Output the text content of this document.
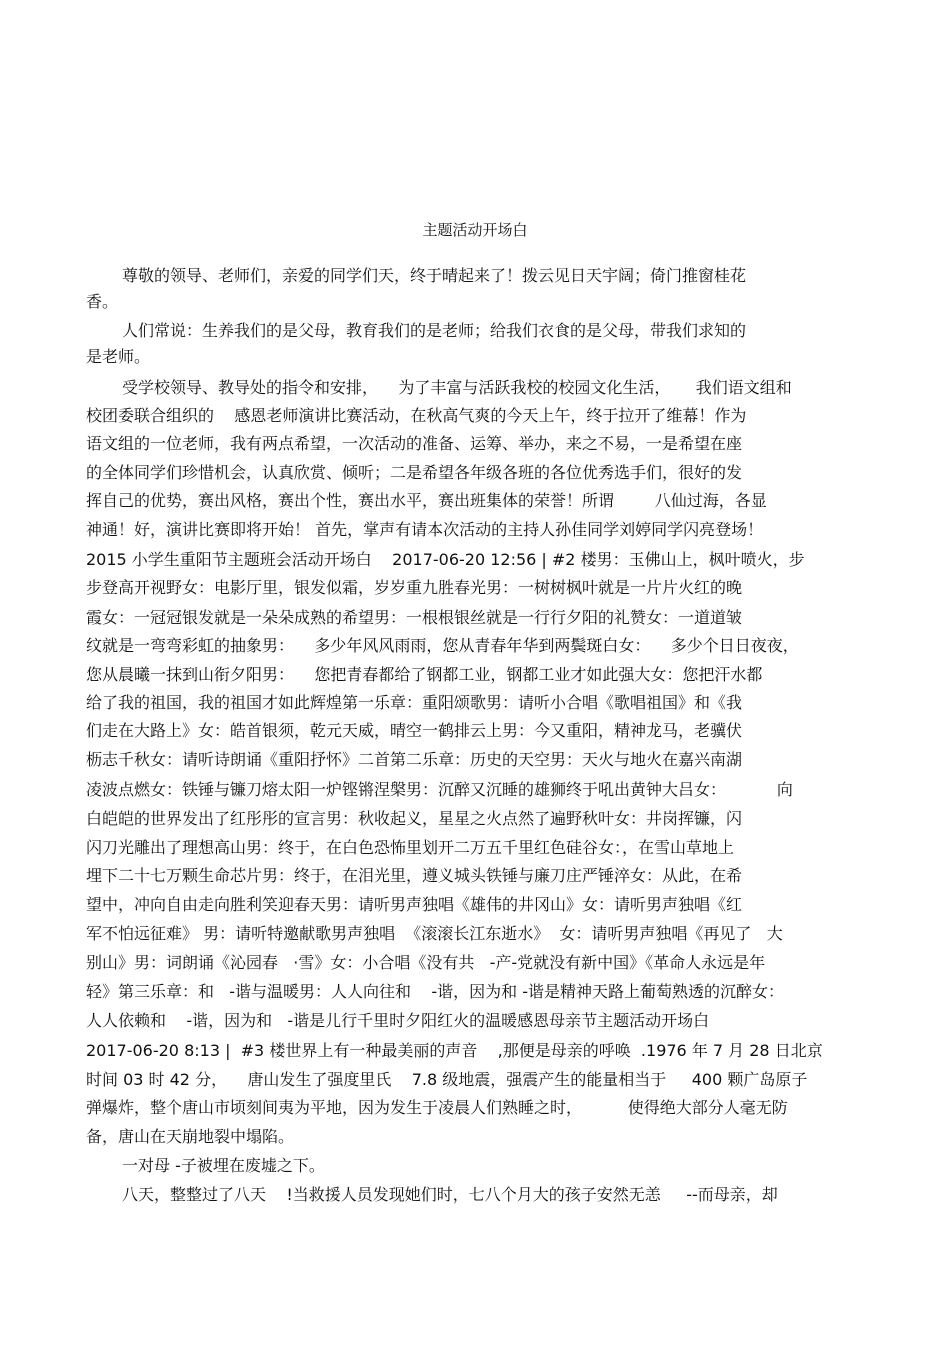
主题活动开场白
尊敬的领导、老师们，亲爱的同学们天，终于晴起来了！拨云见日天宇阔；倚门推窗桂花
香。
人们常说：生养我们的是父母，教育我们的是老师；给我们衣食的是父母，带我们求知的
是老师。
受学校领导、教导处的指令和安排，    为了丰富与活跃我校的校园文化生活，     我们语文组和
校团委联合组织的    感恩老师演讲比赛活动，在秋高气爽的今天上午，终于拉开了维幕！作为
语文组的一位老师，我有两点希望，一次活动的准备、运筹、举办，来之不易，一是希望在座
的全体同学们珍惜机会，认真欣赏、倾听；二是希望各年级各班的各位优秀选手们，很好的发
挥自己的优势，赛出风格，赛出个性，赛出水平，赛出班集体的荣誉！所谓        八仙过海，各显
神通！好，演讲比赛即将开始！ 首先，掌声有请本次活动的主持人孙佳同学刘婷同学闪亮登场！
2015 小学生重阳节主题班会活动开场白    2017-06-20 12:56 | #2 楼男：玉佛山上，枫叶喷火，步
步登高开视野女：电影厅里，银发似霜，岁岁重九胜春光男：一树树枫叶就是一片片火红的晚
霞女：一冠冠银发就是一朵朵成熟的希望男：一根根银丝就是一行行夕阳的礼赞女：一道道皱
纹就是一弯弯彩虹的抽象男：    多少年风风雨雨，您从青春年华到两鬓斑白女：    多少个日日夜夜，
您从晨曦一抹到山衔夕阳男：    您把青春都给了钢都工业，钢都工业才如此强大女：您把汗水都
给了我的祖国，我的祖国才如此辉煌第一乐章：重阳颂歌男：请听小合唱《歌唱祖国》和《我
们走在大路上》女：皓首银须，乾元天威，晴空一鹤排云上男：今又重阳，精神龙马，老骥伏
枥志千秋女：请听诗朗诵《重阳抒怀》二首第二乐章：历史的天空男：天火与地火在嘉兴南湖
凌波点燃女：铁锤与镰刀熔太阳一炉铿锵涅槃男：沉醉又沉睡的雄狮终于吼出黄钟大吕女：          向
白皑皑的世界发出了红彤彤的宣言男：秋收起义，星星之火点然了遍野秋叶女：井岗挥镰，闪
闪刀光雕出了理想高山男：终于，在白色恐怖里划开二万五千里红色硅谷女：，在雪山草地上
埋下二十七万颗生命芯片男：终于，在泪光里，遵义城头铁锤与廉刀庄严锤淬女：从此，在希
望中，冲向自由走向胜利笑迎春天男：请听男声独唱《雄伟的井冈山》女：请听男声独唱《红
军不怕远征难》 男：请听特邀献歌男声独唱  《滚滚长江东逝水》  女：请听男声独唱《再见了   大
别山》男：词朗诵《沁园春   ·雪》女：小合唱《没有共   -产-党就没有新中国》《革命人永远是年
轻》第三乐章：和   -谐与温暖男：人人向往和    -谐，因为和 -谐是精神天路上葡萄熟透的沉醉女：
人人依赖和    -谐，因为和   -谐是儿行千里时夕阳红火的温暖感恩母亲节主题活动开场白
2017-06-20 8:13 |  #3 楼世界上有一种最美丽的声音    ,那便是母亲的呼唤  .1976 年 7 月 28 日北京
时间 03 时 42 分，    唐山发生了强度里氏    7.8 级地震，强震产生的能量相当于     400 颗广岛原子
弹爆炸，整个唐山市顷刻间夷为平地，因为发生于凌晨人们熟睡之时，         使得绝大部分人毫无防
备，唐山在天崩地裂中塌陷。
一对母 -子被埋在废墟之下。
八天，整整过了八天    !当救援人员发现她们时，七八个月大的孩子安然无恙     --而母亲，却
